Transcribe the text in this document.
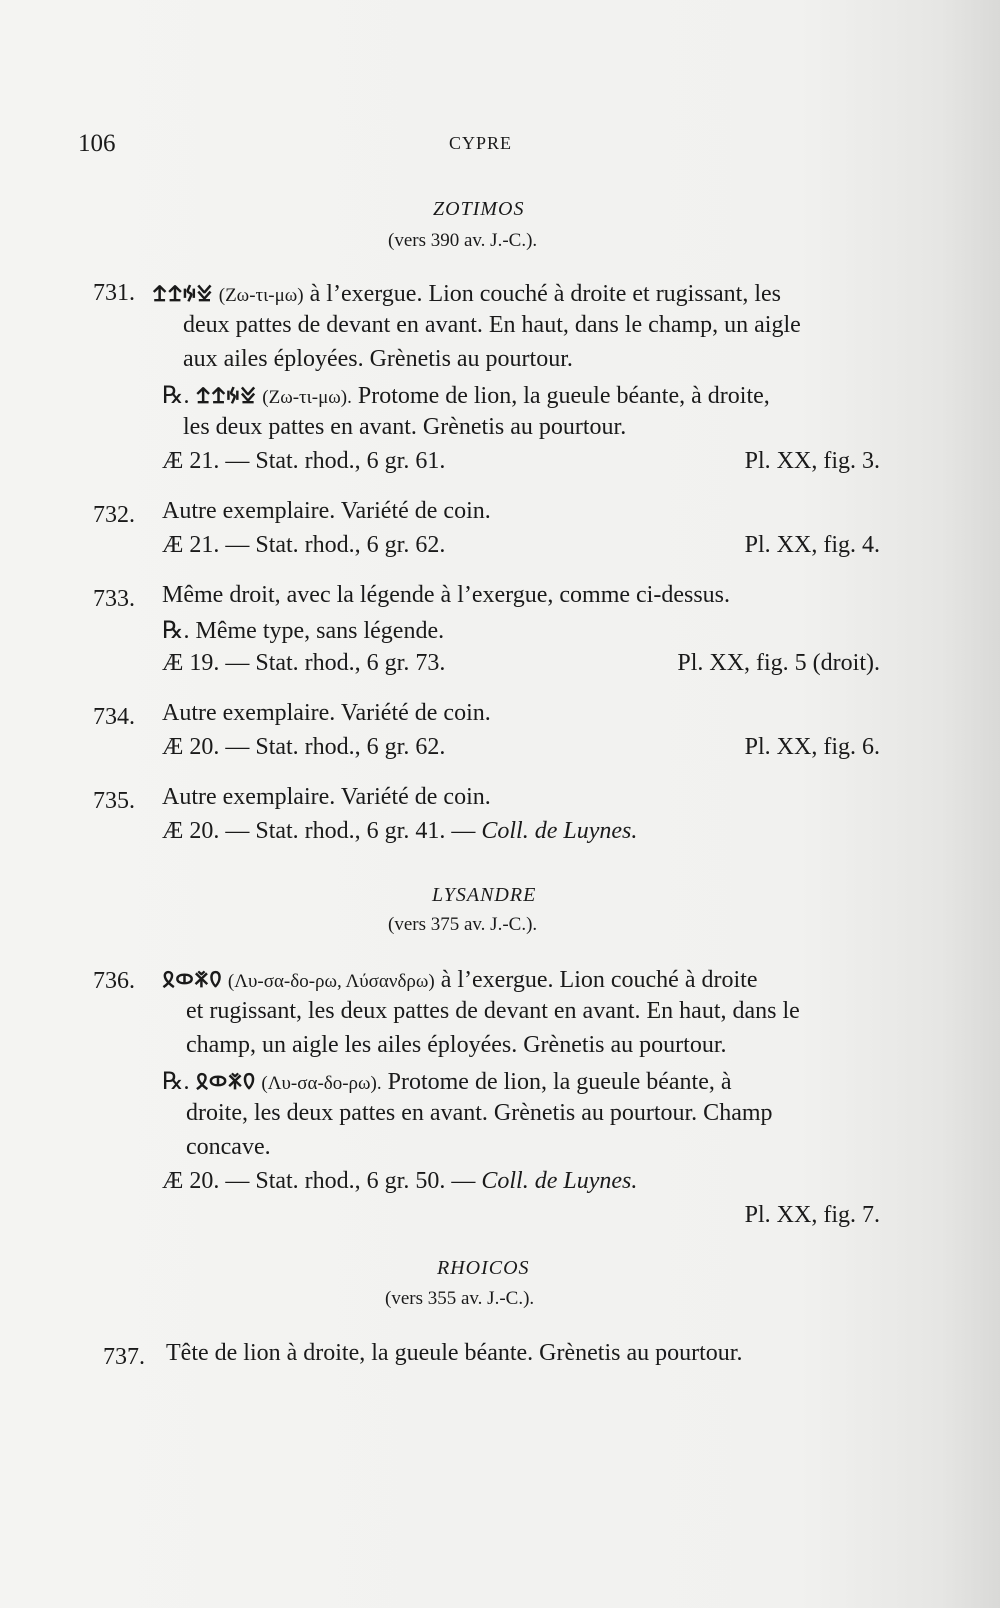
106	CYPRE
ZOTIMOS
(vers 390 av. J.-C.).
731. 𐠃𐠚𐠊𐠊 (Ζω-τι-μω) à l’exergue. Lion couché à droite et rugissant, les
deux pattes de devant en avant. En haut, dans le champ, un aigle
aux ailes éployées. Grènetis au pourtour.
℞. 𐠃𐠚𐠊𐠊 (Ζω-τι-μω). Protome de lion, la gueule béante, à droite,
les deux pattes en avant. Grènetis au pourtour.
Æ 21. — Stat. rhod., 6 gr. 61.	Pl. XX, fig. 3.
732. Autre exemplaire. Variété de coin.
Æ 21. — Stat. rhod., 6 gr. 62.	Pl. XX, fig. 4.
733. Même droit, avec la légende à l’exergue, comme ci-dessus.
℞. Même type, sans légende.
Æ 19. — Stat. rhod., 6 gr. 73.	Pl. XX, fig. 5 (droit).
734. Autre exemplaire. Variété de coin.
Æ 20. — Stat. rhod., 6 gr. 62.	Pl. XX, fig. 6.
735. Autre exemplaire. Variété de coin.
Æ 20. — Stat. rhod., 6 gr. 41. — Coll. de Luynes.
LYSANDRE
(vers 375 av. J.-C.).
736. 𐠅𐠎𐠗𐠦 (Λυ-σα-δο-ρω, Λύσανδρω) à l’exergue. Lion couché à droite
et rugissant, les deux pattes de devant en avant. En haut, dans le
champ, un aigle les ailes éployées. Grènetis au pourtour.
℞. 𐠅𐠎𐠗𐠦 (Λυ-σα-δο-ρω). Protome de lion, la gueule béante, à
droite, les deux pattes en avant. Grènetis au pourtour. Champ
concave.
Æ 20. — Stat. rhod., 6 gr. 50. — Coll. de Luynes.
Pl. XX, fig. 7.
RHOICOS
(vers 355 av. J.-C.).
737. Tête de lion à droite, la gueule béante. Grènetis au pourtour.
